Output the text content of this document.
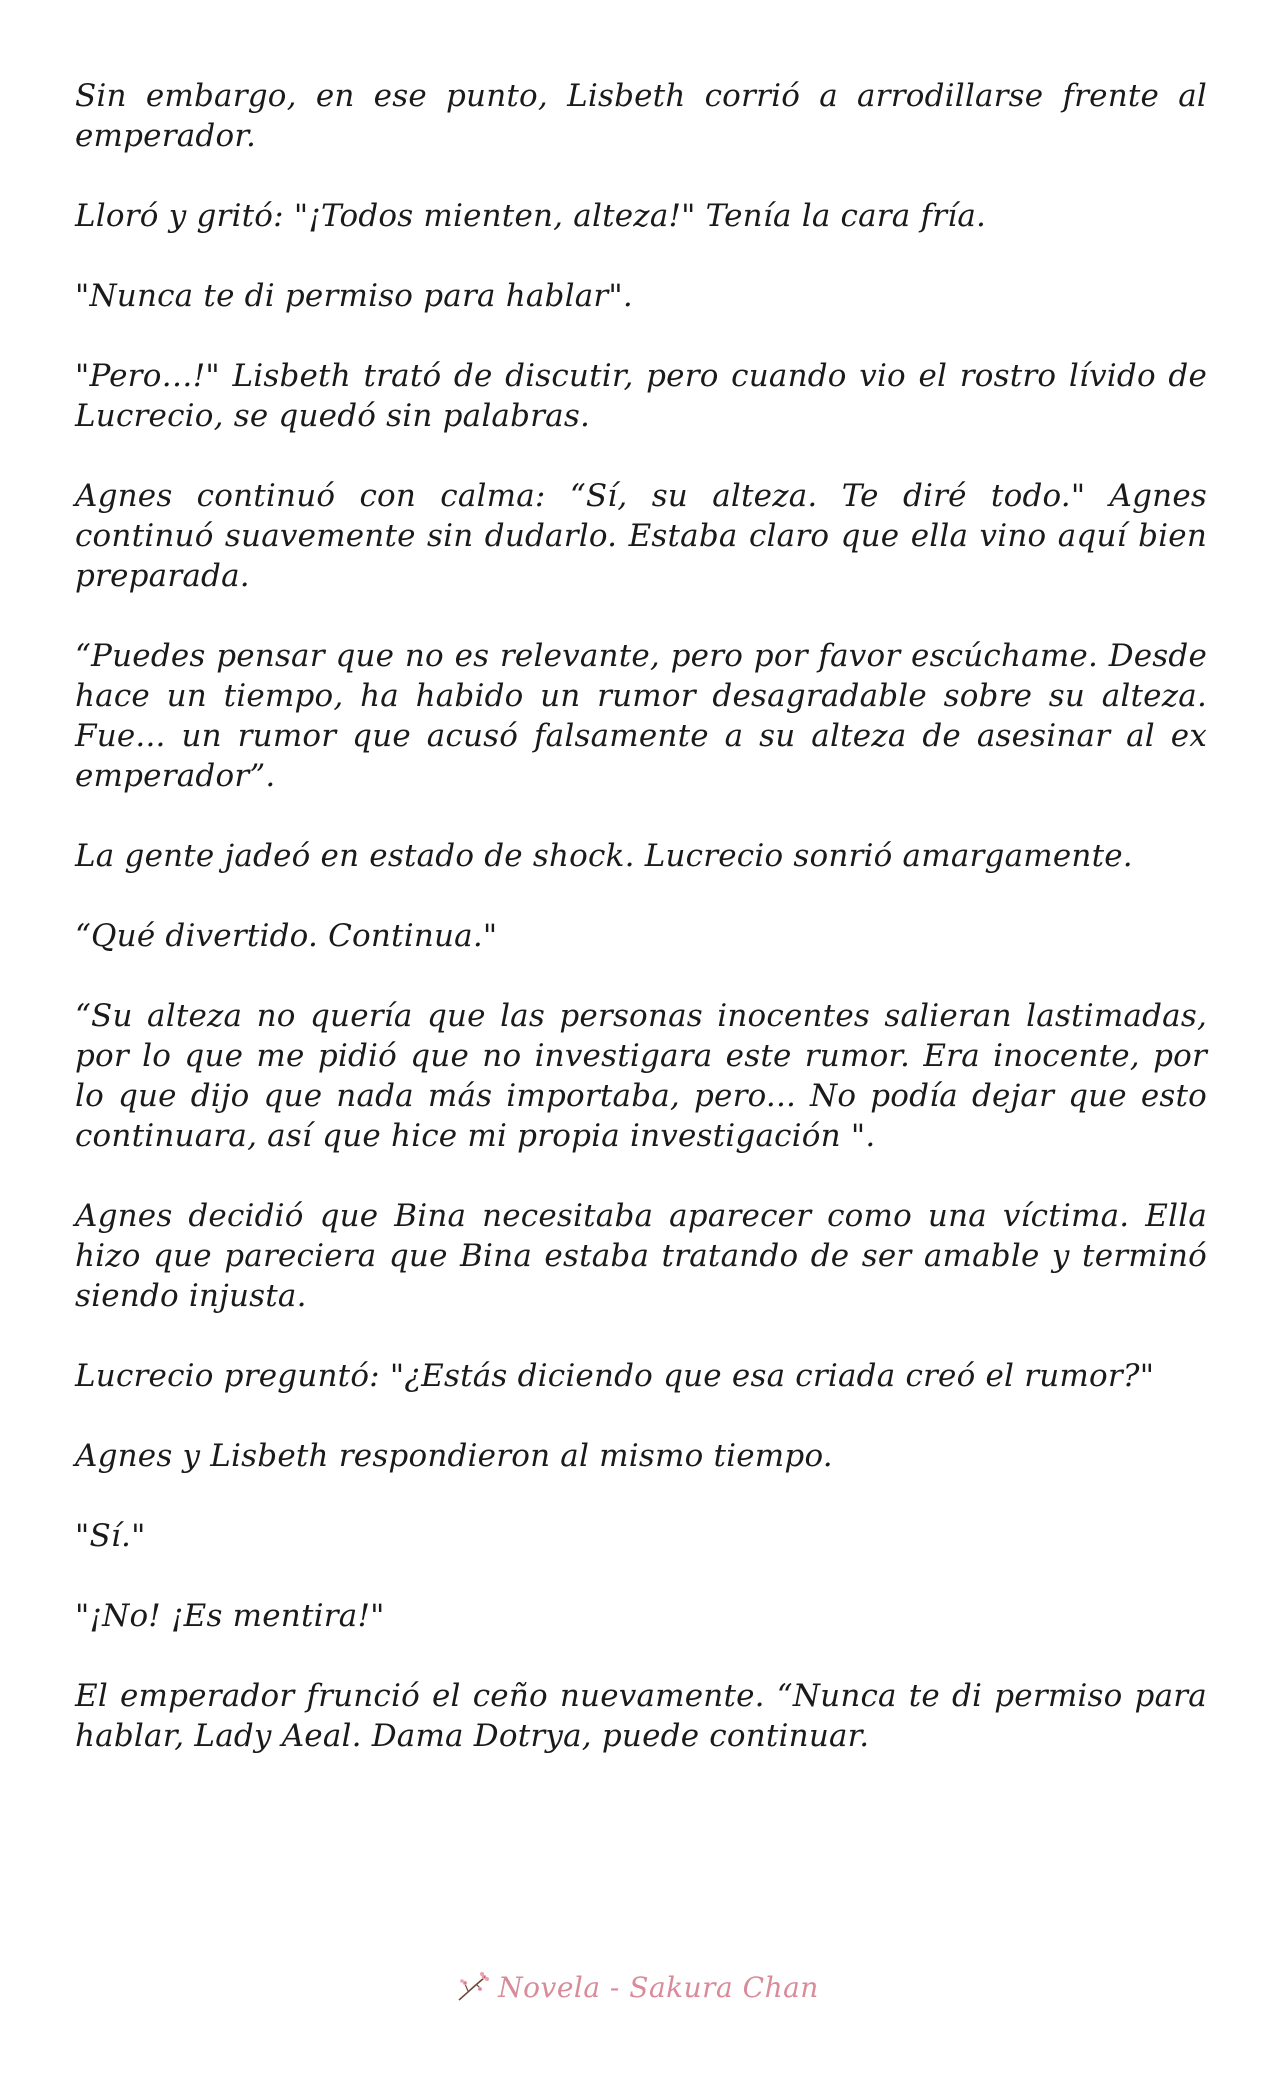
Sin embargo, en ese punto, Lisbeth corrió a arrodillarse frente al emperador.

Lloró y gritó: "¡Todos mienten, alteza!" Tenía la cara fría.

"Nunca te di permiso para hablar".

"Pero…!" Lisbeth trató de discutir, pero cuando vio el rostro lívido de Lucrecio, se quedó sin palabras.

Agnes continuó con calma: “Sí, su alteza. Te diré todo." Agnes continuó suavemente sin dudarlo. Estaba claro que ella vino aquí bien preparada.

“Puedes pensar que no es relevante, pero por favor escúchame. Desde hace un tiempo, ha habido un rumor desagradable sobre su alteza. Fue... un rumor que acusó falsamente a su alteza de asesinar al ex emperador”.

La gente jadeó en estado de shock. Lucrecio sonrió amargamente.

“Qué divertido. Continua."

“Su alteza no quería que las personas inocentes salieran lastimadas, por lo que me pidió que no investigara este rumor. Era inocente, por lo que dijo que nada más importaba, pero... No podía dejar que esto continuara, así que hice mi propia investigación ".

Agnes decidió que Bina necesitaba aparecer como una víctima. Ella hizo que pareciera que Bina estaba tratando de ser amable y terminó siendo injusta.

Lucrecio preguntó: "¿Estás diciendo que esa criada creó el rumor?"

Agnes y Lisbeth respondieron al mismo tiempo.

"Sí."

"¡No! ¡Es mentira!"

El emperador frunció el ceño nuevamente. “Nunca te di permiso para hablar, Lady Aeal. Dama Dotrya, puede continuar.

Novela - Sakura Chan
